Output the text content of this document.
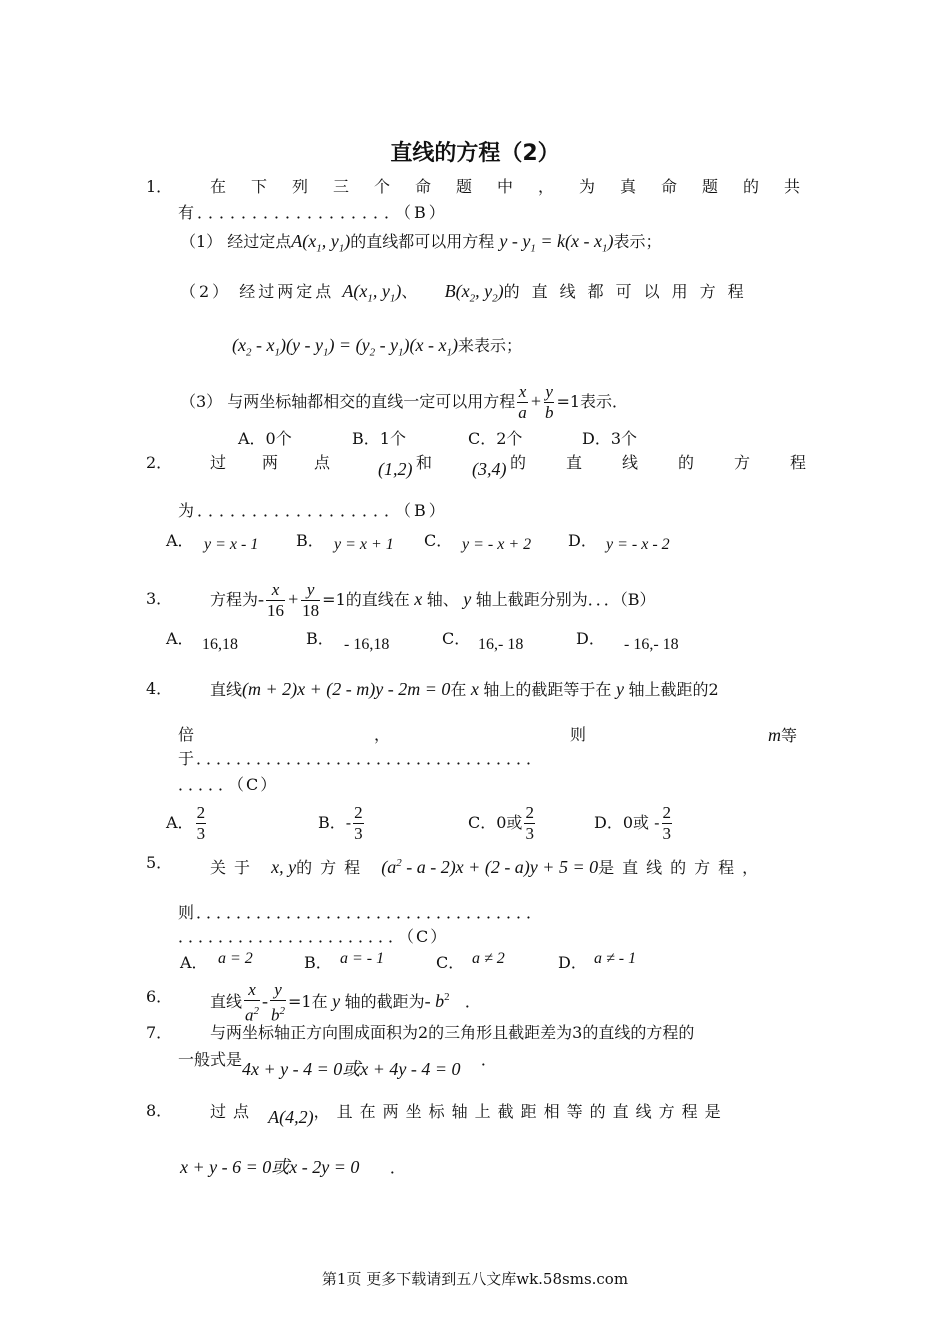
直线的方程（2）
1． 在下列三个命题中，为真命题的共
有．．．．．．．．．．．．．．．．．．（B）
（1） 经过定点$A(x_1$, $y_1$)的直线都可以用方程 $y - y_1 = k(x - x_1)$表示；
（2） 经过两定点 $A(x_1$, $y_1$)、 $B(x_2$, $y_2$)的直线都可以用方程
$(x_2 - x_1)(y - y_1) = (y_2 - y_1)(x - x_1)$来表示；
（3） 与两坐标轴都相交的直线一定可以用方程 $\frac{x}{a} + \frac{y}{b} =1$表示．
A．0个	B．1个	C．2个	D．3个
2． 过两点 (1,2) 和 (3,4) 的直线的方程
为．．．．．．．．．．．．．．．．．．（B）
A． y = x - 1 B． y = x + 1 C． y = - x + 2 D． y = - x - 2
3． 方程为- $\frac{x}{16} + \frac{y}{18} =1$的直线在 x 轴、 y 轴上截距分别为．．．（B）
A． 16,18	B． - 16,18	C． 16,- 18	D． - 16,- 18
4． 直线(m + 2)x + (2 - m)y - 2m = 0在 x 轴上的截距等于在 y 轴上截距的2
倍	，	则	m等
于．．．．．．．．．．．．．．．．．．．．．．．．．．．．．．．．．．
．．．．．（C）
A． $\frac{2}{3}$	B．- $\frac{2}{3}$	C．0或 $\frac{2}{3}$	D．0或 - $\frac{2}{3}$
5． 关于 x, y的方程 $(a^2 - a - 2)x + (2 - a)y + 5 = 0$是直线的方程，
则．．．．．．．．．．．．．．．．．．．．．．．．．．．．．．．．．．
．．．．．．．．．．．．．．．．．．．．．．（C）
A． a = 2	B． a = - 1	C． a ≠ 2	D． a ≠ - 1
6． 直线 $\frac{x}{a^2} - \frac{y}{b^2} =1$在 y 轴的截距为- $b^2$ ．
7． 与两坐标轴正方向围成面积为2的三角形且截距差为3的直线的方程的
一般式是4x + y - 4 = 0或x + 4y - 4 = 0 ．
8． 过点 A(4,2)，且在两坐标轴上截距相等的直线方程是
x + y - 6 = 0或x - 2y = 0 ．
第1页 更多下载请到五八文库wk.58sms.com
